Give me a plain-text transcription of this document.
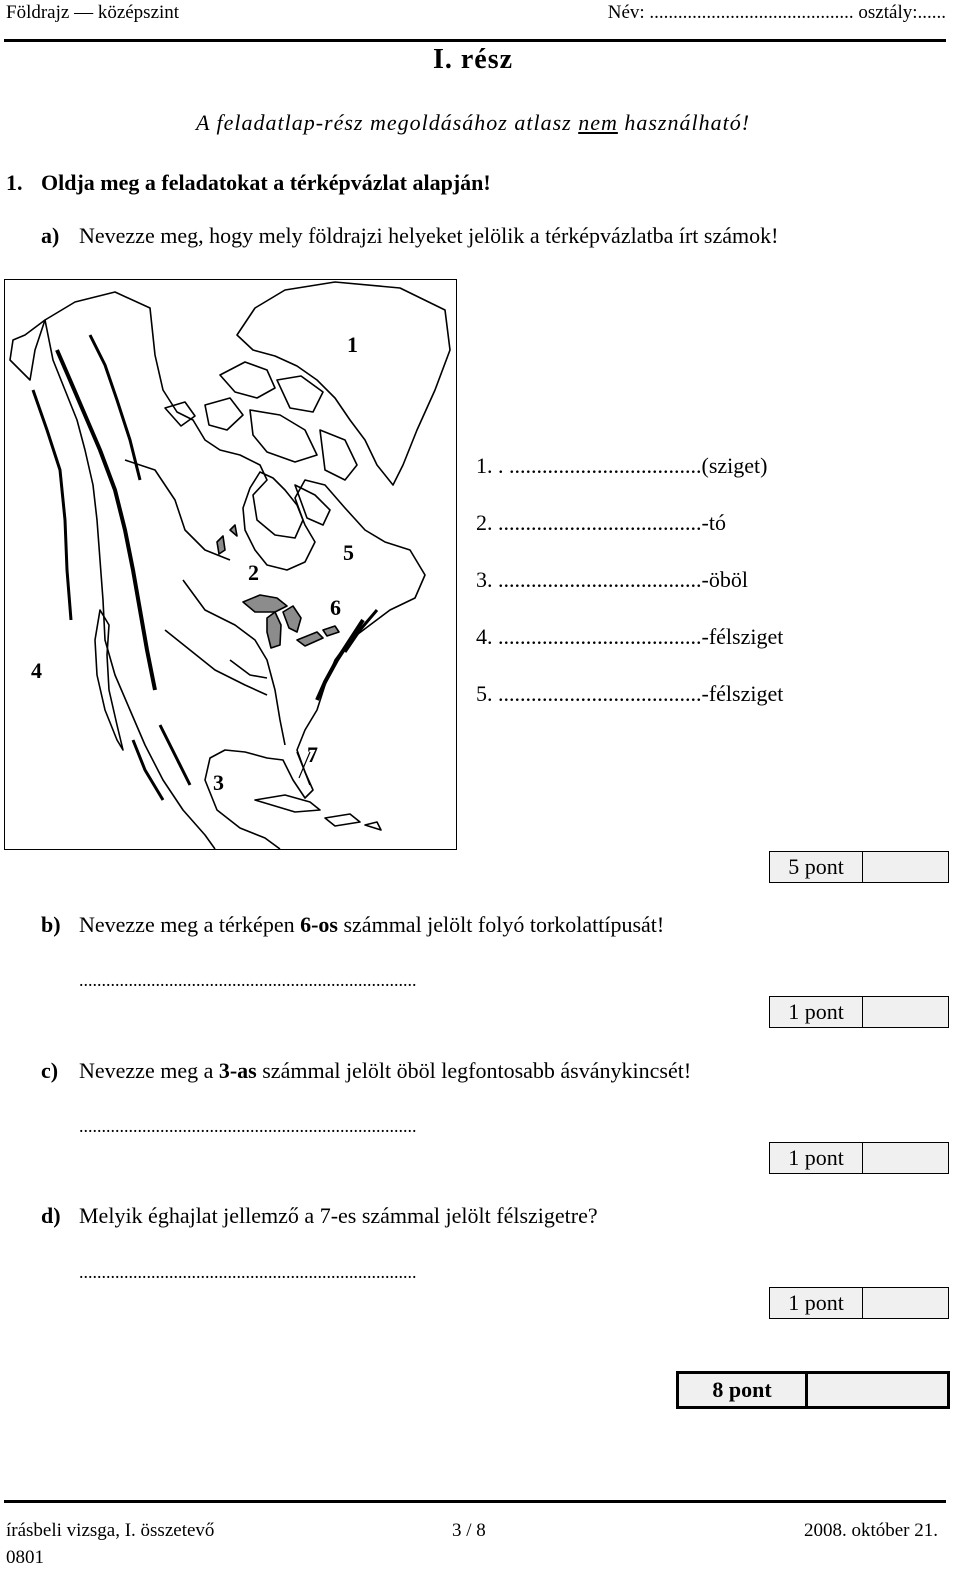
Földrajz — középszint	Név: ........................................... osztály:......
I. rész
A feladatlap-rész megoldásához atlasz nem használható!
1. Oldja meg a feladatokat a térképvázlat alapján!
a) Nevezze meg, hogy mely földrajzi helyeket jelölik a térképvázlatba írt számok!
1
2
3
4
5
6
7
1. . ...................................(sziget)
2. .....................................-tó
3. .....................................-öböl
4. .....................................-félsziget
5. .....................................-félsziget
5 pont
b) Nevezze meg a térképen 6-os számmal jelölt folyó torkolattípusát!
...........................................................................
1 pont
c) Nevezze meg a 3-as számmal jelölt öböl legfontosabb ásványkincsét!
...........................................................................
1 pont
d) Melyik éghajlat jellemző a 7-es számmal jelölt félszigetre?
...........................................................................
1 pont
8 pont
írásbeli vizsga, I. összetevő
0801
3 / 8	2008. október 21.
